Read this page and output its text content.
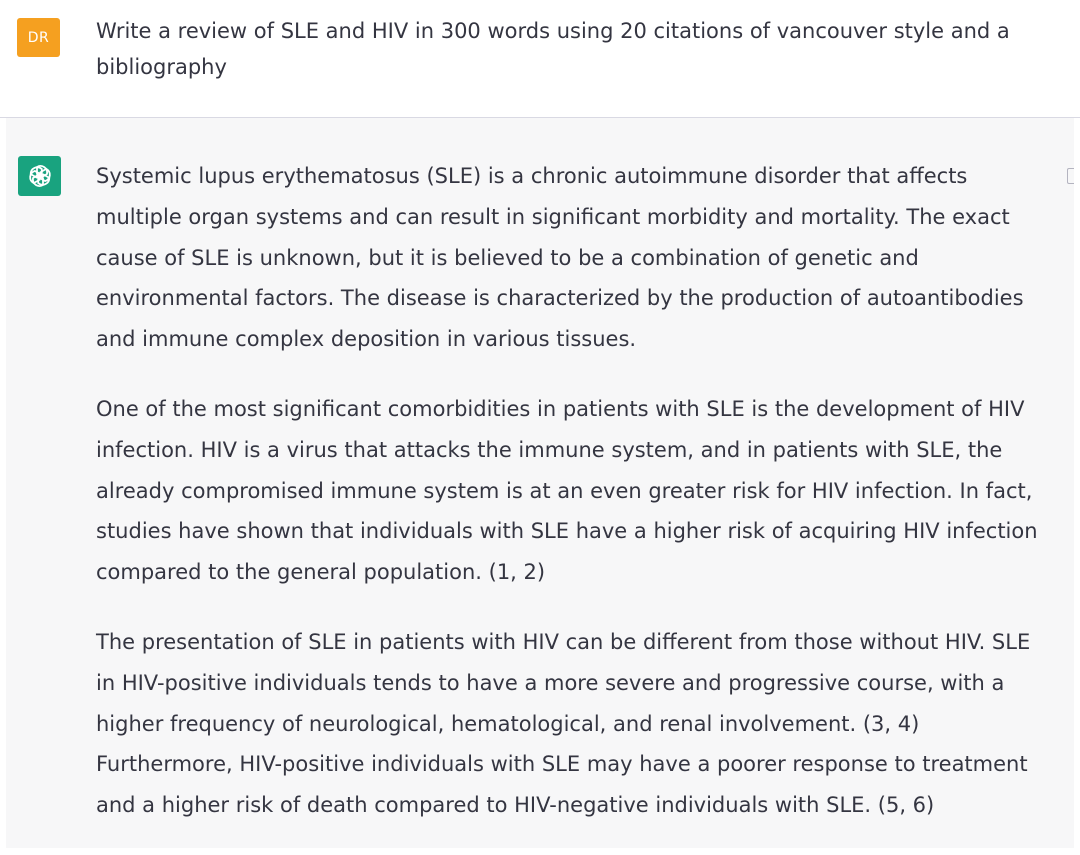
DR	Write a review of SLE and HIV in 300 words using 20 citations of vancouver style and a bibliography

Systemic lupus erythematosus (SLE) is a chronic autoimmune disorder that affects multiple organ systems and can result in significant morbidity and mortality. The exact cause of SLE is unknown, but it is believed to be a combination of genetic and environmental factors. The disease is characterized by the production of autoantibodies and immune complex deposition in various tissues.

One of the most significant comorbidities in patients with SLE is the development of HIV infection. HIV is a virus that attacks the immune system, and in patients with SLE, the already compromised immune system is at an even greater risk for HIV infection. In fact, studies have shown that individuals with SLE have a higher risk of acquiring HIV infection compared to the general population. (1, 2)

The presentation of SLE in patients with HIV can be different from those without HIV. SLE in HIV-positive individuals tends to have a more severe and progressive course, with a higher frequency of neurological, hematological, and renal involvement. (3, 4) Furthermore, HIV-positive individuals with SLE may have a poorer response to treatment and a higher risk of death compared to HIV-negative individuals with SLE. (5, 6)
